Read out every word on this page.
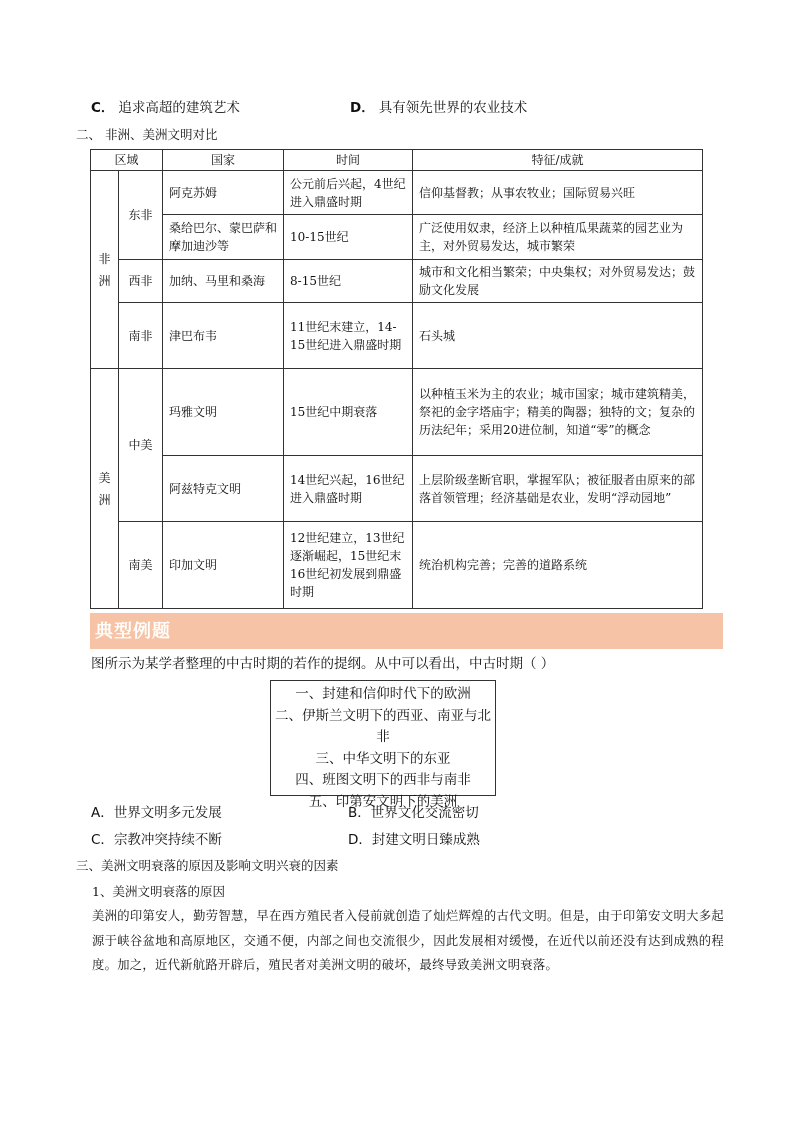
C． 追求高超的建筑艺术	D． 具有领先世界的农业技术
二、 非洲、美洲文明对比
区域		国家	时间	特征/成就

非洲	东非	阿克苏姆	公元前后兴起，4世纪进入鼎盛时期	信仰基督教；从事农牧业；国际贸易兴旺
		桑给巴尔、蒙巴萨和摩加迪沙等	10-15世纪	广泛使用奴隶，经济上以种植瓜果蔬菜的园艺业为主，对外贸易发达，城市繁荣
	西非	加纳、马里和桑海	8-15世纪	城市和文化相当繁荣；中央集权；对外贸易发达；鼓励文化发展
	南非	津巴布韦	11世纪末建立，14-15世纪进入鼎盛时期	石头城

美洲	中美	玛雅文明	15世纪中期衰落	以种植玉米为主的农业；城市国家；城市建筑精美，祭祀的金字塔庙宇；精美的陶器；独特的文；复杂的历法纪年；采用20进位制，知道“零”的概念
		阿兹特克文明	14世纪兴起，16世纪进入鼎盛时期	上层阶级垄断官职，掌握军队；被征服者由原来的部落首领管理；经济基础是农业，发明“浮动园地”
	南美	印加文明	12世纪建立，13世纪逐渐崛起，15世纪末16世纪初发展到鼎盛时期	统治机构完善；完善的道路系统
典型例题
图所示为某学者整理的中古时期的若作的提纲。从中可以看出，中古时期（ ）
一、封建和信仰时代下的欧洲
二、伊斯兰文明下的西亚、南亚与北非
三、中华文明下的东亚
四、班图文明下的西非与南非
五、印第安文明下的美洲
A．世界文明多元发展	B．世界文化交流密切
C．宗教冲突持续不断	D．封建文明日臻成熟
三、美洲文明衰落的原因及影响文明兴衰的因素
1、美洲文明衰落的原因
美洲的印第安人，勤劳智慧，早在西方殖民者入侵前就创造了灿烂辉煌的古代文明。但是，由于印第安文明大多起源于峡谷盆地和高原地区，交通不便，内部之间也交流很少，因此发展相对缓慢，在近代以前还没有达到成熟的程度。加之，近代新航路开辟后，殖民者对美洲文明的破坏，最终导致美洲文明衰落。
